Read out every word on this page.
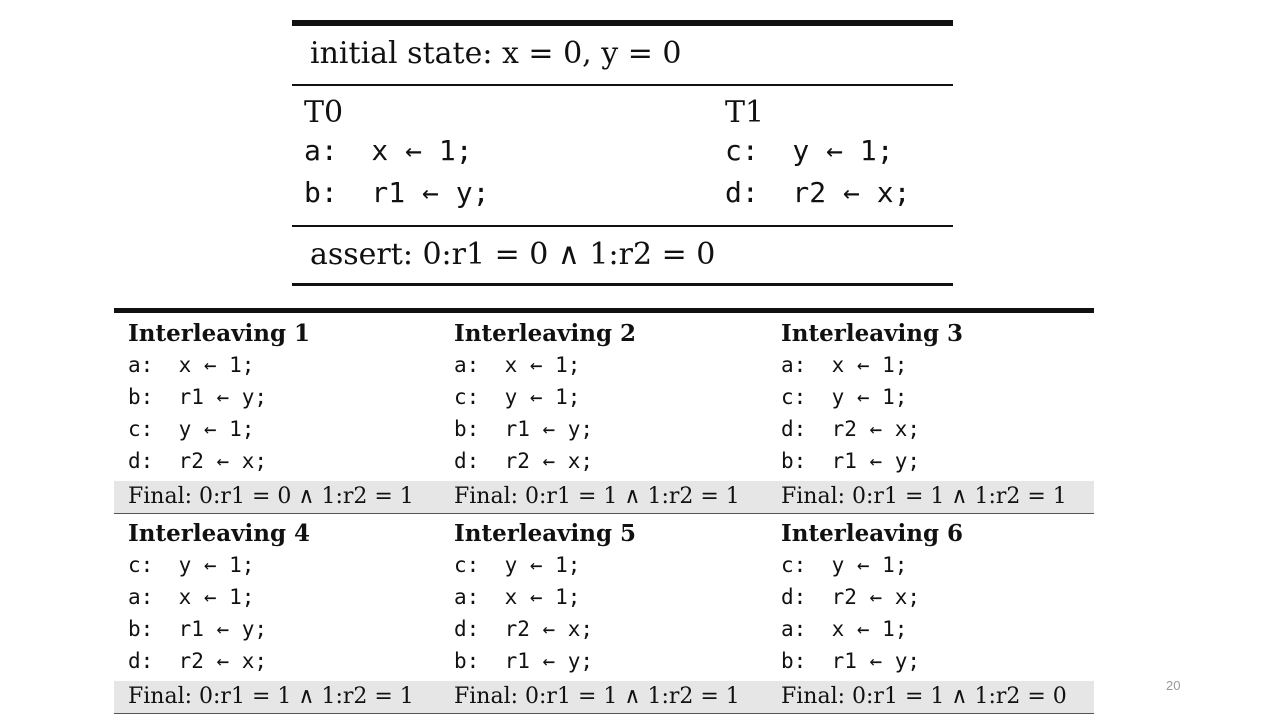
initial state: x = 0, y = 0
T0
a:  x ← 1;
b:  r1 ← y;
T1
c:  y ← 1;
d:  r2 ← x;
assert: 0:r1 = 0 ∧ 1:r2 = 0
Interleaving 1
a:  x ← 1;
b:  r1 ← y;
c:  y ← 1;
d:  r2 ← x;
Interleaving 2
a:  x ← 1;
c:  y ← 1;
b:  r1 ← y;
d:  r2 ← x;
Interleaving 3
a:  x ← 1;
c:  y ← 1;
d:  r2 ← x;
b:  r1 ← y;
Final: 0:r1 = 0 ∧ 1:r2 = 1 Final: 0:r1 = 1 ∧ 1:r2 = 1 Final: 0:r1 = 1 ∧ 1:r2 = 1
Interleaving 4
c:  y ← 1;
a:  x ← 1;
b:  r1 ← y;
d:  r2 ← x;
Interleaving 5
c:  y ← 1;
a:  x ← 1;
d:  r2 ← x;
b:  r1 ← y;
Interleaving 6
c:  y ← 1;
d:  r2 ← x;
a:  x ← 1;
b:  r1 ← y;
Final: 0:r1 = 1 ∧ 1:r2 = 1 Final: 0:r1 = 1 ∧ 1:r2 = 1 Final: 0:r1 = 1 ∧ 1:r2 = 0	20
